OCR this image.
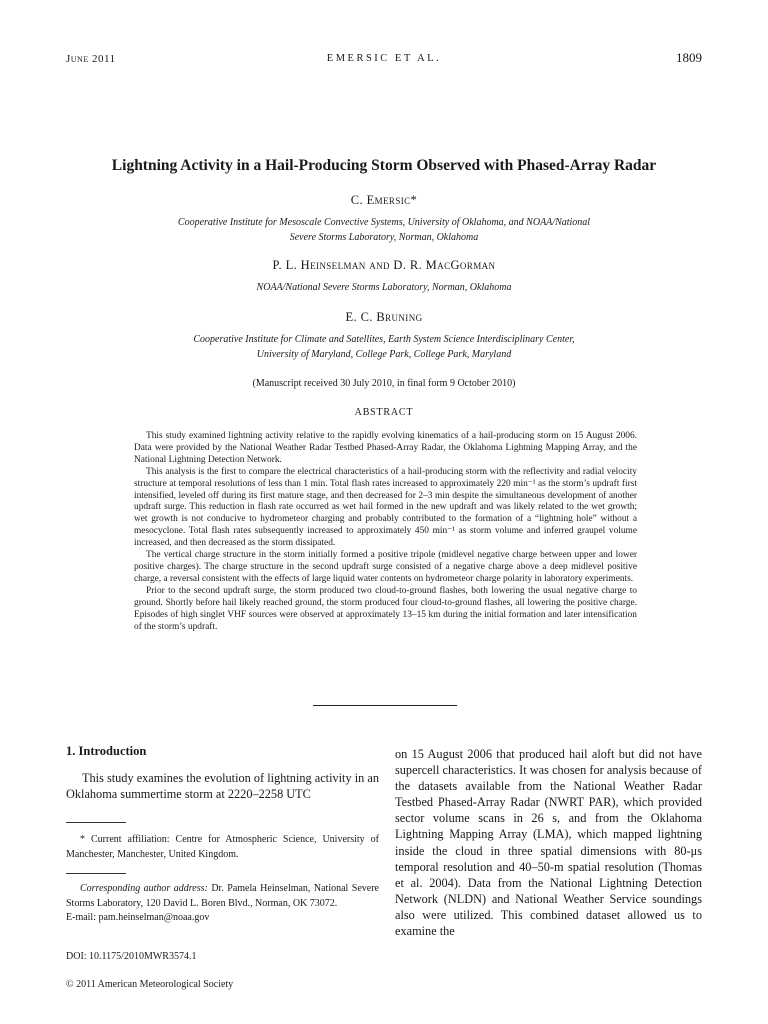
June 2011	EMERSIC ET AL.	1809
Lightning Activity in a Hail-Producing Storm Observed with Phased-Array Radar
C. Emersic*
Cooperative Institute for Mesoscale Convective Systems, University of Oklahoma, and NOAA/National
Severe Storms Laboratory, Norman, Oklahoma
P. L. Heinselman and D. R. MacGorman
NOAA/National Severe Storms Laboratory, Norman, Oklahoma
E. C. Bruning
Cooperative Institute for Climate and Satellites, Earth System Science Interdisciplinary Center,
University of Maryland, College Park, College Park, Maryland
(Manuscript received 30 July 2010, in final form 9 October 2010)
ABSTRACT

This study examined lightning activity relative to the rapidly evolving kinematics of a hail-producing storm on 15 August 2006. Data were provided by the National Weather Radar Testbed Phased-Array Radar, the Oklahoma Lightning Mapping Array, and the National Lightning Detection Network.

This analysis is the first to compare the electrical characteristics of a hail-producing storm with the reflectivity and radial velocity structure at temporal resolutions of less than 1 min. Total flash rates increased to approximately 220 min⁻¹ as the storm’s updraft first intensified, leveled off during its first mature stage, and then decreased for 2–3 min despite the simultaneous development of another updraft surge. This reduction in flash rate occurred as wet hail formed in the new updraft and was likely related to the wet growth; wet growth is not conducive to hydrometeor charging and probably contributed to the formation of a “lightning hole” without a mesocyclone. Total flash rates subsequently increased to approximately 450 min⁻¹ as storm volume and inferred graupel volume increased, and then decreased as the storm dissipated.

The vertical charge structure in the storm initially formed a positive tripole (midlevel negative charge between upper and lower positive charges). The charge structure in the second updraft surge consisted of a negative charge above a deep midlevel positive charge, a reversal consistent with the effects of large liquid water contents on hydrometeor charge polarity in laboratory experiments.

Prior to the second updraft surge, the storm produced two cloud-to-ground flashes, both lowering the usual negative charge to ground. Shortly before hail likely reached ground, the storm produced four cloud-to-ground flashes, all lowering the positive charge. Episodes of high singlet VHF sources were observed at approximately 13–15 km during the initial formation and later intensification of the storm’s updraft.

1. Introduction

This study examines the evolution of lightning activity in an Oklahoma summertime storm at 2220–2258 UTC

* Current affiliation: Centre for Atmospheric Science, University of Manchester, Manchester, United Kingdom.

Corresponding author address: Dr. Pamela Heinselman, National Severe Storms Laboratory, 120 David L. Boren Blvd., Norman, OK 73072.

E-mail: pam.heinselman@noaa.gov

DOI: 10.1175/2010MWR3574.1
© 2011 American Meteorological Society

on 15 August 2006 that produced hail aloft but did not have supercell characteristics. It was chosen for analysis because of the datasets available from the National Weather Radar Testbed Phased-Array Radar (NWRT PAR), which provided sector volume scans in 26 s, and from the Oklahoma Lightning Mapping Array (LMA), which mapped lightning inside the cloud in three spatial dimensions with 80-μs temporal resolution and 40–50-m spatial resolution (Thomas et al. 2004). Data from the National Lightning Detection Network (NLDN) and National Weather Service soundings also were utilized. This combined dataset allowed us to examine the
